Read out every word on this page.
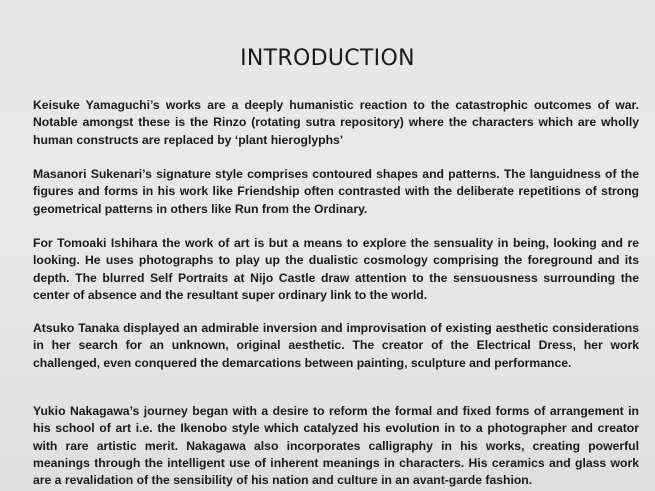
INTRODUCTION

Keisuke Yamaguchi’s works are a deeply humanistic reaction to the catastrophic outcomes of war. Notable amongst these is the Rinzo (rotating sutra repository) where the characters which are wholly human constructs are replaced by ‘plant hieroglyphs’

Masanori Sukenari’s signature style comprises contoured shapes and patterns. The languidness of the figures and forms in his work like Friendship often contrasted with the deliberate repetitions of strong geometrical patterns in others like Run from the Ordinary.

For Tomoaki Ishihara the work of art is but a means to explore the sensuality in being, looking and re looking. He uses photographs to play up the dualistic cosmology comprising the foreground and its depth. The blurred Self Portraits at Nijo Castle draw attention to the sensuousness surrounding the center of absence and the resultant super ordinary link to the world.

Atsuko Tanaka displayed an admirable inversion and improvisation of existing aesthetic considerations in her search for an unknown, original aesthetic. The creator of the Electrical Dress, her work challenged, even conquered the demarcations between painting, sculpture and performance.

Yukio Nakagawa’s journey began with a desire to reform the formal and fixed forms of arrangement in his school of art i.e. the Ikenobo style which catalyzed his evolution in to a photographer and creator with rare artistic merit. Nakagawa also incorporates calligraphy in his works, creating powerful meanings through the intelligent use of inherent meanings in characters. His ceramics and glass work are a revalidation of the sensibility of his nation and culture in an avant-garde fashion.
